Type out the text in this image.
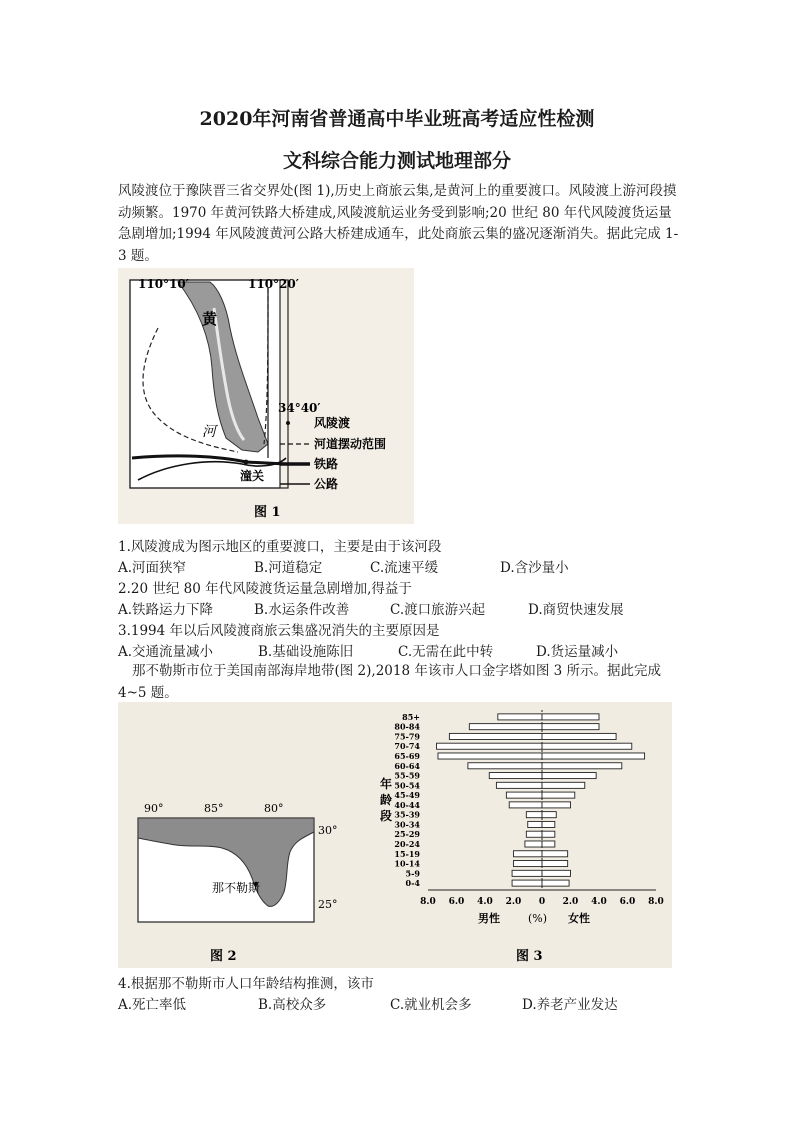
2020年河南省普通高中毕业班高考适应性检测
文科综合能力测试地理部分
风陵渡位于豫陕晋三省交界处(图 1),历史上商旅云集,是黄河上的重要渡口。风陵渡上游河段摸动频繁。1970 年黄河铁路大桥建成,风陵渡航运业务受到影响;20 世纪 80 年代风陵渡货运量急剧增加;1994 年风陵渡黄河公路大桥建成通车，此处商旅云集的盛况逐渐消失。据此完成 1-3 题。
110°10′	110°20′
34°40′
黄
河
潼关
风陵渡
河道摆动范围
铁路
公路
图 1
1.风陵渡成为图示地区的重要渡口，主要是由于该河段
A.河面狭窄	B.河道稳定	C.流速平缓	D.含沙量小
2.20 世纪 80 年代风陵渡货运量急剧增加,得益于
A.铁路运力下降	B.水运条件改善	C.渡口旅游兴起	D.商贸快速发展
3.1994 年以后风陵渡商旅云集盛况消失的主要原因是
A.交通流量减小	B.基础设施陈旧	C.无需在此中转	D.货运量减小
那不勒斯市位于美国南部海岸地带(图 2),2018 年该市人口金字塔如图 3 所示。据此完成 4~5 题。
90°	85°	80°
30°
25°
那不勒斯
图 2
0-4
5-9
10-14
15-19
20-24
25-29
30-34
35-39
40-44
45-49
50-54
55-59
60-64
65-69
70-74
75-79
80-84
85+
8.0 6.0 4.0 2.0 0 2.0 4.0 6.0 8.0
年
龄
段
男性	(%) 女性
图 3
4.根据那不勒斯市人口年龄结构推测，该市
A.死亡率低	B.高校众多	C.就业机会多	D.养老产业发达
